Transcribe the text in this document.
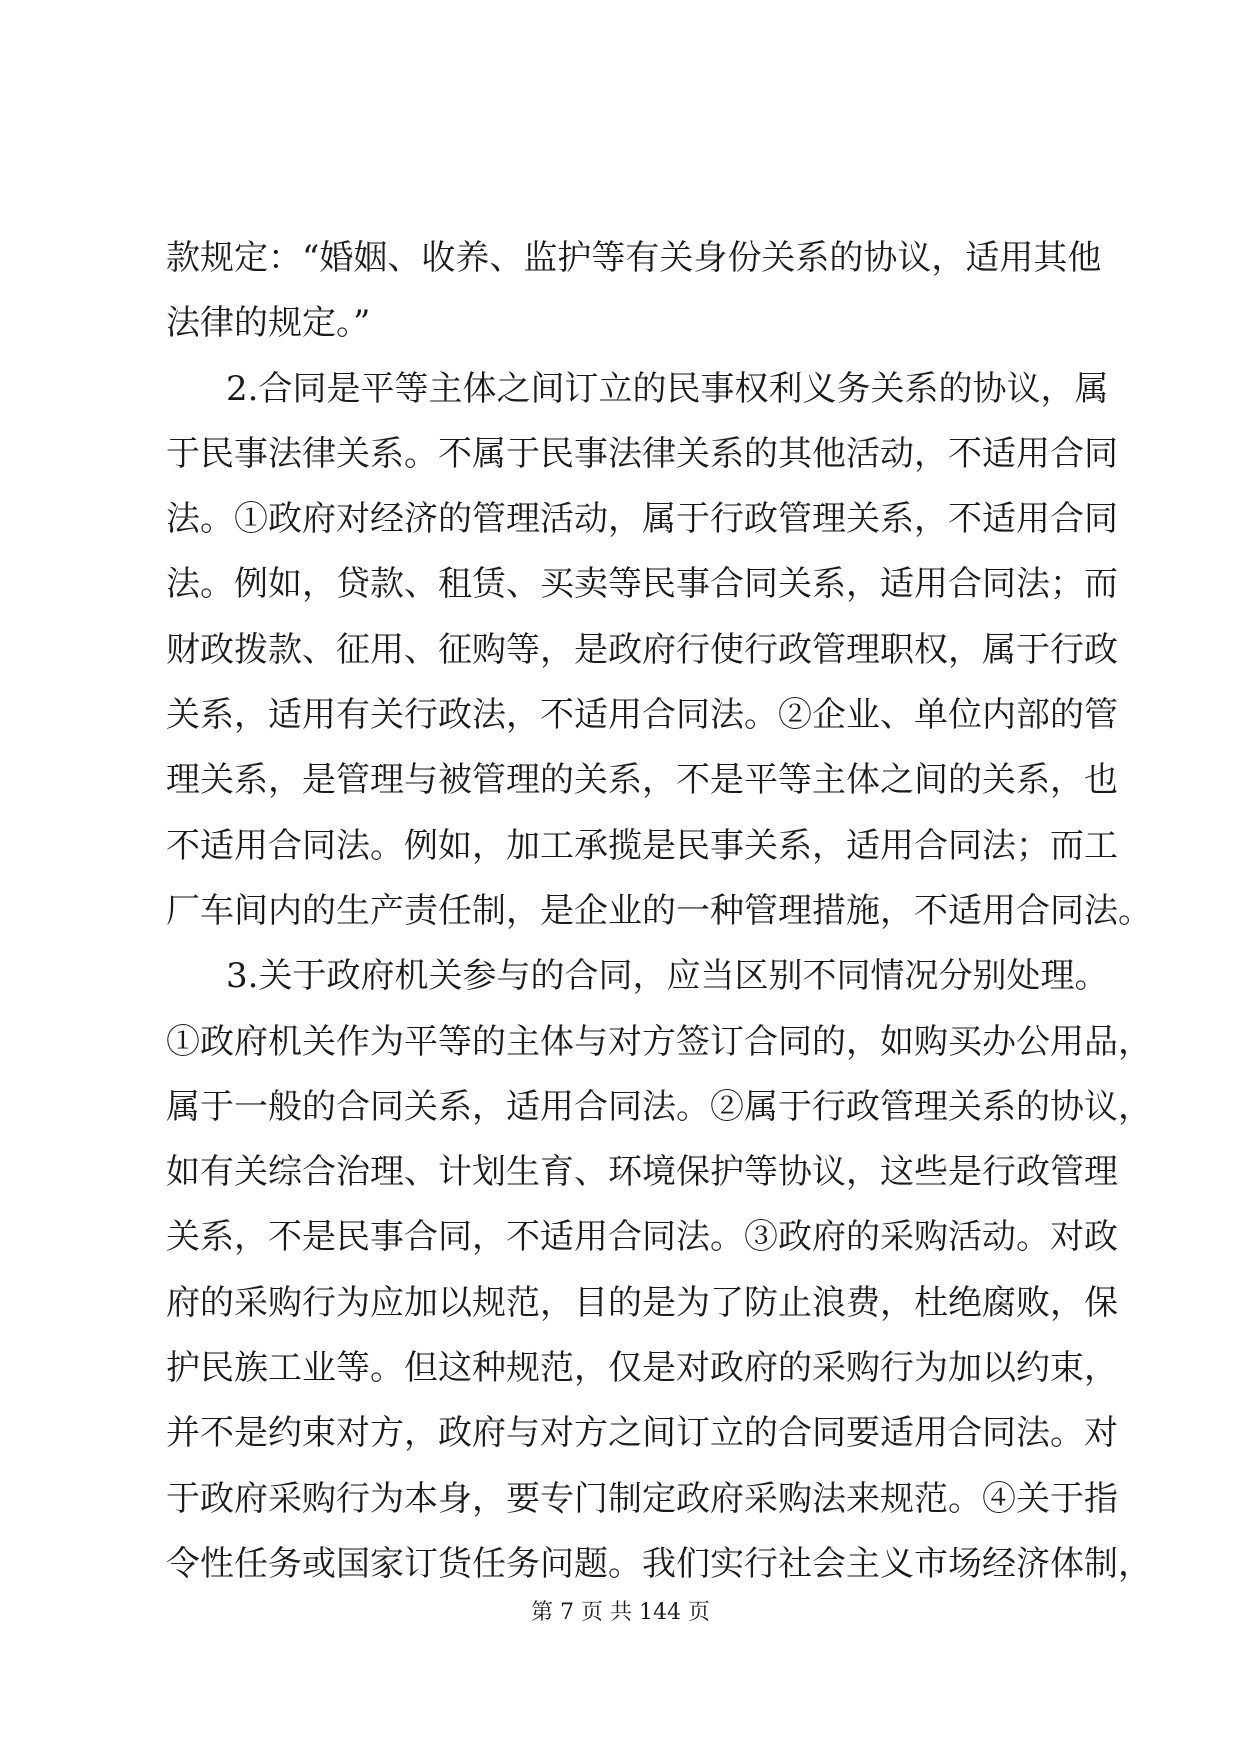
款规定：“婚姻、收养、监护等有关身份关系的协议，适用其他
法律的规定。”
2.合同是平等主体之间订立的民事权利义务关系的协议，属
于民事法律关系。不属于民事法律关系的其他活动，不适用合同
法。①政府对经济的管理活动，属于行政管理关系，不适用合同
法。例如，贷款、租赁、买卖等民事合同关系，适用合同法；而
财政拨款、征用、征购等，是政府行使行政管理职权，属于行政
关系，适用有关行政法，不适用合同法。②企业、单位内部的管
理关系，是管理与被管理的关系，不是平等主体之间的关系，也
不适用合同法。例如，加工承揽是民事关系，适用合同法；而工
厂车间内的生产责任制，是企业的一种管理措施，不适用合同法。
3.关于政府机关参与的合同，应当区别不同情况分别处理。
①政府机关作为平等的主体与对方签订合同的，如购买办公用品，
属于一般的合同关系，适用合同法。②属于行政管理关系的协议，
如有关综合治理、计划生育、环境保护等协议，这些是行政管理
关系，不是民事合同，不适用合同法。③政府的采购活动。对政
府的采购行为应加以规范，目的是为了防止浪费，杜绝腐败，保
护民族工业等。但这种规范，仅是对政府的采购行为加以约束，
并不是约束对方，政府与对方之间订立的合同要适用合同法。对
于政府采购行为本身，要专门制定政府采购法来规范。④关于指
令性任务或国家订货任务问题。我们实行社会主义市场经济体制，
第 7 页 共 144 页
